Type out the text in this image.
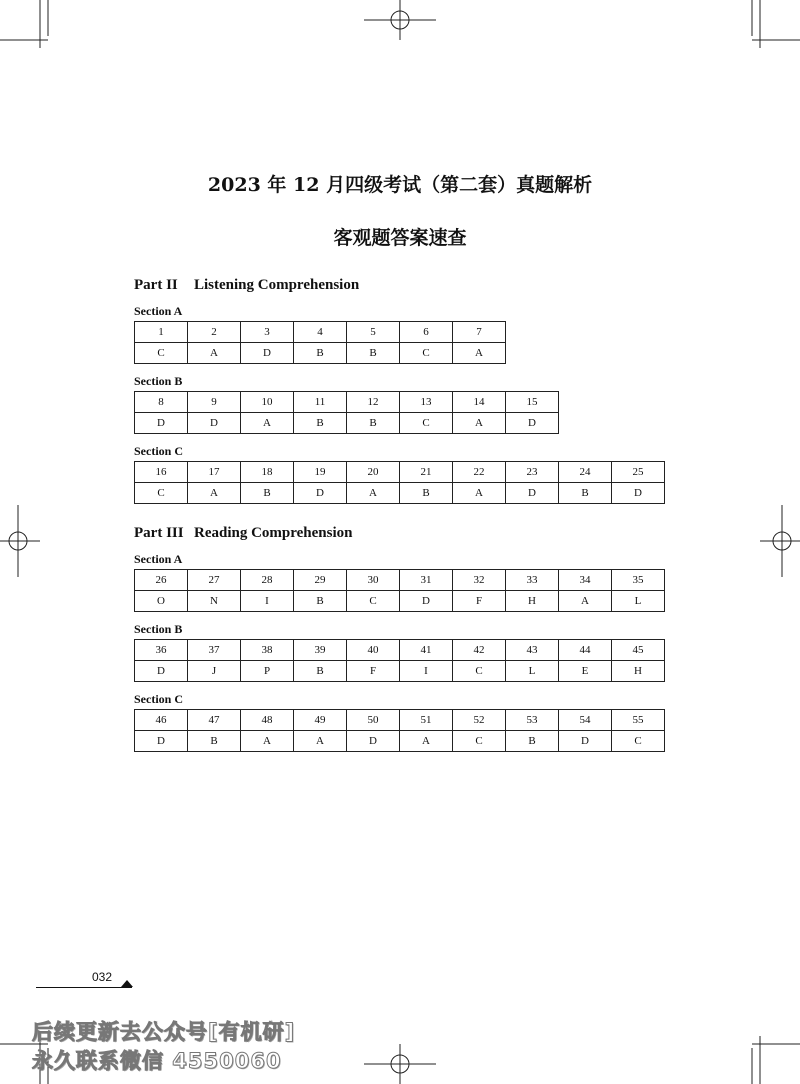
2023 年 12 月四级考试（第二套）真题解析
客观题答案速查
Part II Listening Comprehension
Section A
1	2	3	4	5	6	7
C	A	D	B	B	C	A
Section B
8	9	10	11	12	13	14	15
D	D	A	B	B	C	A	D
Section C
16	17	18	19	20	21	22	23	24	25
C	A	B	D	A	B	A	D	B	D
Part III Reading Comprehension
Section A
26	27	28	29	30	31	32	33	34	35
O	N	I	B	C	D	F	H	A	L
Section B
36	37	38	39	40	41	42	43	44	45
D	J	P	B	F	I	C	L	E	H
Section C
46	47	48	49	50	51	52	53	54	55
D	B	A	A	D	A	C	B	D	C
032
后续更新去公众号[有机研]
永久联系微信 4550060
